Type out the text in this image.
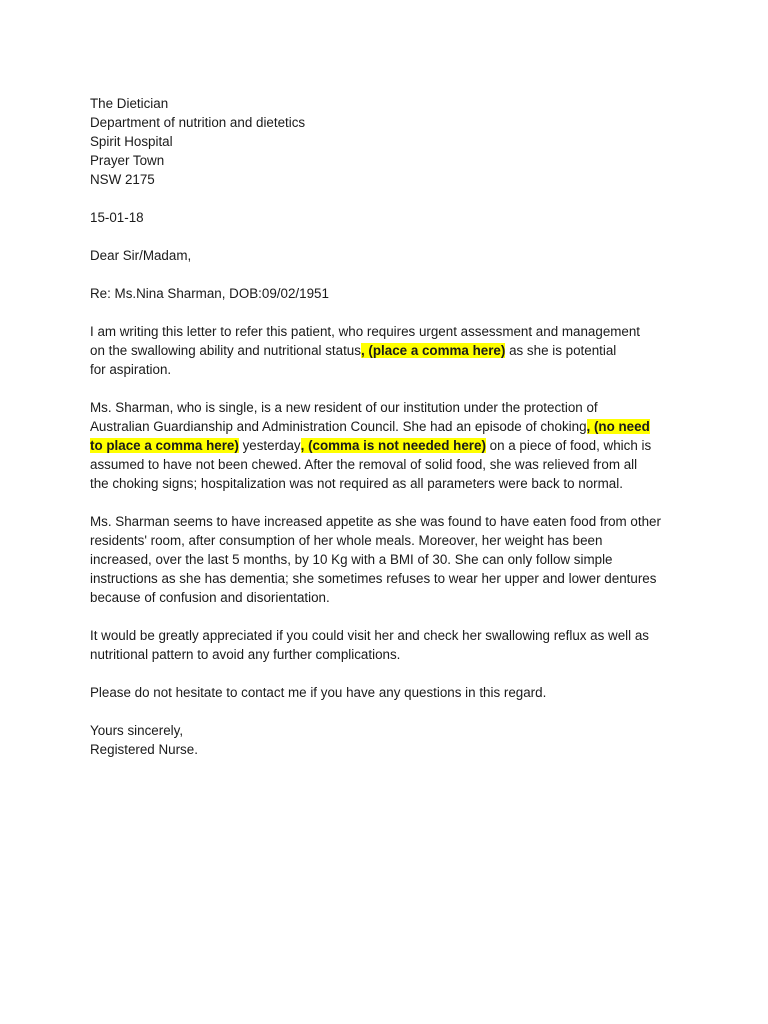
The Dietician
Department of nutrition and dietetics
Spirit Hospital
Prayer Town
NSW 2175
15-01-18
Dear Sir/Madam,
Re: Ms.Nina Sharman, DOB:09/02/1951
I am writing this letter to refer this patient, who requires urgent assessment and management
on the swallowing ability and nutritional status, (place a comma here) as she is potential
for aspiration.
Ms. Sharman, who is single, is a new resident of our institution under the protection of
Australian Guardianship and Administration Council. She had an episode of choking, (no need
to place a comma here) yesterday, (comma is not needed here) on a piece of food, which is
assumed to have not been chewed. After the removal of solid food, she was relieved from all
the choking signs; hospitalization was not required as all parameters were back to normal.
Ms. Sharman seems to have increased appetite as she was found to have eaten food from other
residents' room, after consumption of her whole meals. Moreover, her weight has been
increased, over the last 5 months, by 10 Kg with a BMI of 30. She can only follow simple
instructions as she has dementia; she sometimes refuses to wear her upper and lower dentures
because of confusion and disorientation.
It would be greatly appreciated if you could visit her and check her swallowing reflux as well as
nutritional pattern to avoid any further complications.
Please do not hesitate to contact me if you have any questions in this regard.
Yours sincerely,
Registered Nurse.
